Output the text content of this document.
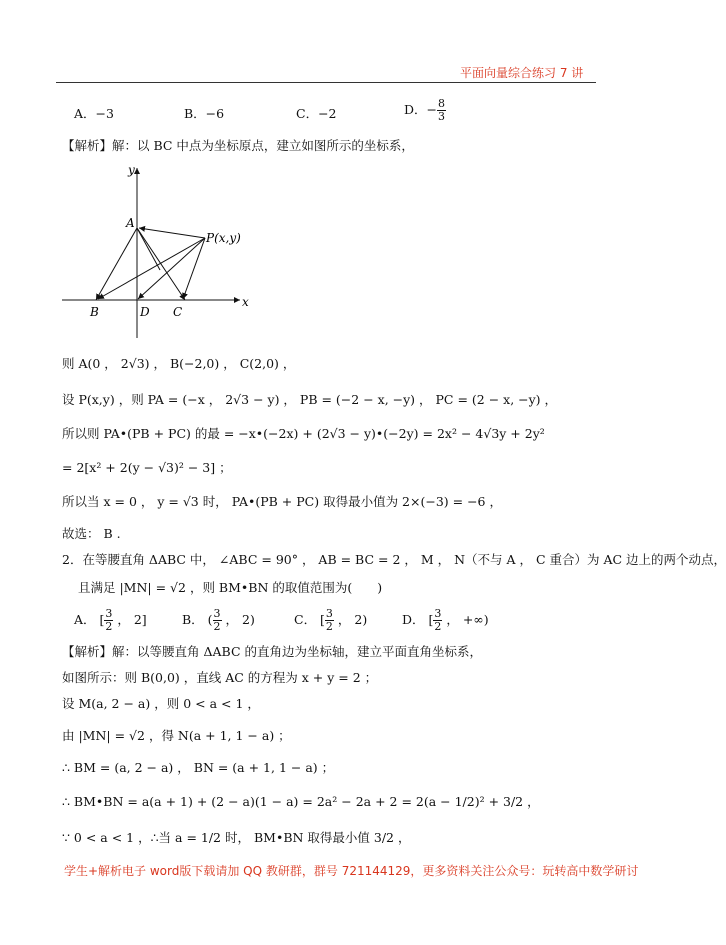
平面向量综合练习 7 讲
A．−3	B．−6	C．−2	D．− $\frac{8}{3}$
【解析】解：以 BC 中点为坐标原点，建立如图所示的坐标系，
y
x
A
P(x,y)
B	D C
则 A(0 ， 2√3) ， B(−2,0) ， C(2,0) ，
设 P(x,y) ，则 PA = (−x ， 2√3 − y) ， PB = (−2 − x, −y) ， PC = (2 − x, −y) ，
所以则 PA•(PB + PC) 的最 = −x•(−2x) + (2√3 − y)•(−2y) = 2x² − 4√3y + 2y²
= 2[x² + 2(y − √3)² − 3] ；
所以当 x = 0 ， y = √3 时， PA•(PB + PC) 取得最小值为 2×(−3) = −6 ，
故选： B .
2．在等腰直角 ΔABC 中， ∠ABC = 90° ， AB = BC = 2 ， M ， N（不与 A ， C 重合）为 AC 边上的两个动点，
且满足 |MN| = √2 ，则 BM•BN 的取值范围为(　　)
A． [ $\frac{3}{2}$ ， 2]	B． ( $\frac{3}{2}$ ， 2)	C． [ $\frac{3}{2}$ ， 2)	D． [ $\frac{3}{2}$ ， +∞)
【解析】解：以等腰直角 ΔABC 的直角边为坐标轴，建立平面直角坐标系，
如图所示：则 B(0,0) ，直线 AC 的方程为 x + y = 2 ；
设 M(a, 2 − a) ，则 0 < a < 1 ，
由 |MN| = √2 ，得 N(a + 1, 1 − a) ；
∴ BM = (a, 2 − a) ， BN = (a + 1, 1 − a) ；
∴ BM•BN = a(a + 1) + (2 − a)(1 − a) = 2a² − 2a + 2 = 2(a − 1/2)² + 3/2 ，
∵ 0 < a < 1 ，∴当 a = 1/2 时， BM•BN 取得最小值 3/2 ，
学生+解析电子 word版下载请加 QQ 教研群，群号 721144129，更多资料关注公众号：玩转高中数学研讨
